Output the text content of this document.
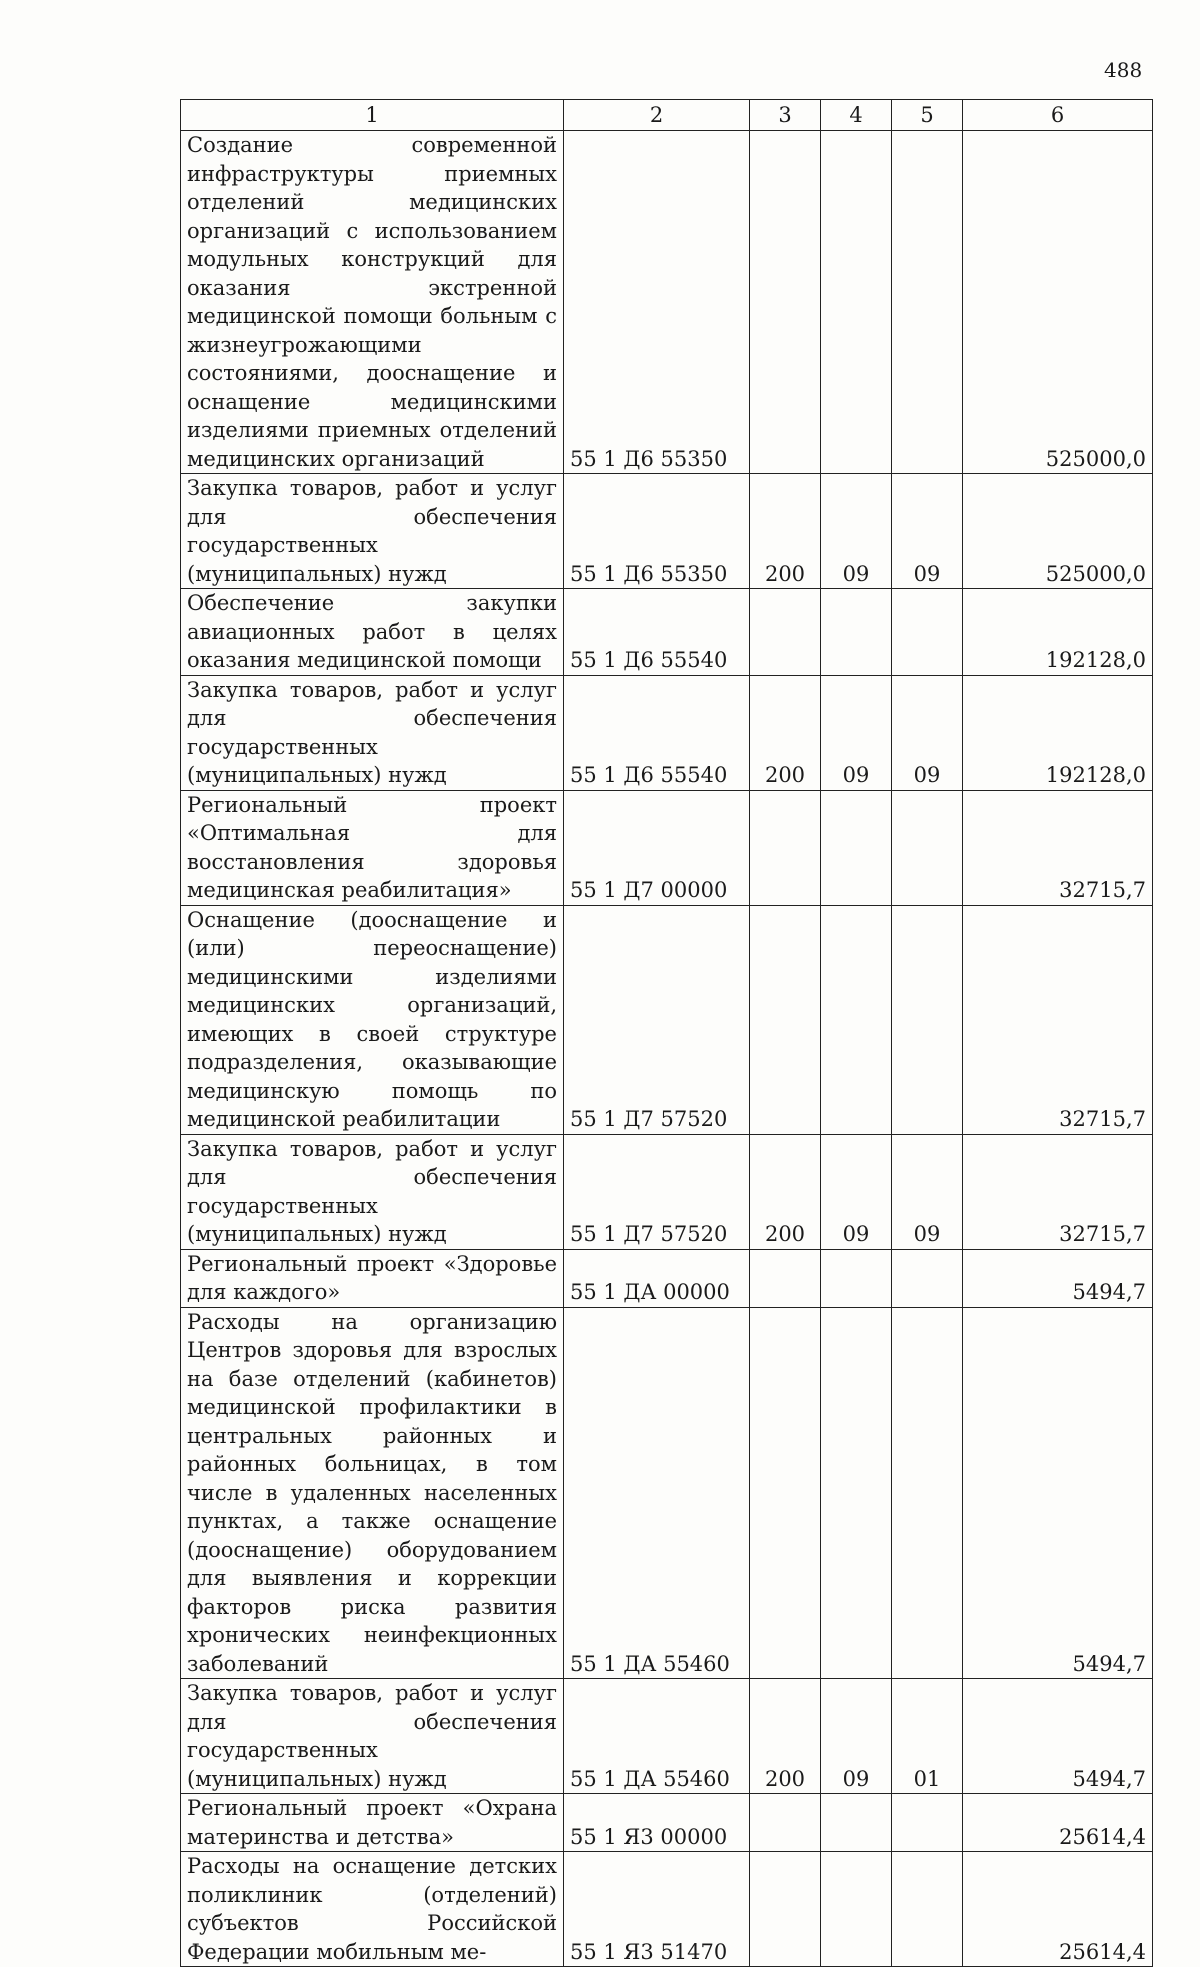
488
1	2	3	4	5	6
Создание современной инфраструктуры приемных отделений медицинских организаций с использованием модульных конструкций для оказания экстренной медицинской помощи больным с жизнеугрожающими состояниями, дооснащение и оснащение медицинскими изделиями приемных отделений медицинских организаций	55 1 Д6 55350				525000,0
Закупка товаров, работ и услуг для обеспечения государственных (муниципальных) нужд	55 1 Д6 55350	200	09	09	525000,0
Обеспечение закупки авиационных работ в целях оказания медицинской помощи	55 1 Д6 55540				192128,0
Закупка товаров, работ и услуг для обеспечения государственных (муниципальных) нужд	55 1 Д6 55540	200	09	09	192128,0
Региональный проект «Оптимальная для восстановления здоровья медицинская реабилитация»	55 1 Д7 00000				32715,7
Оснащение (дооснащение и (или) переоснащение) медицинскими изделиями медицинских организаций, имеющих в своей структуре подразделения, оказывающие медицинскую помощь по медицинской реабилитации	55 1 Д7 57520				32715,7
Закупка товаров, работ и услуг для обеспечения государственных (муниципальных) нужд	55 1 Д7 57520	200	09	09	32715,7
Региональный проект «Здоровье для каждого»	55 1 ДА 00000				5494,7
Расходы на организацию Центров здоровья для взрослых на базе отделений (кабинетов) медицинской профилактики в центральных районных и районных больницах, в том числе в удаленных населенных пунктах, а также оснащение (дооснащение) оборудованием для выявления и коррекции факторов риска развития хронических неинфекционных заболеваний	55 1 ДА 55460				5494,7
Закупка товаров, работ и услуг для обеспечения государственных (муниципальных) нужд	55 1 ДА 55460	200	09	01	5494,7
Региональный проект «Охрана материнства и детства»	55 1 Я3 00000				25614,4
Расходы на оснащение детских поликлиник (отделений) субъектов Российской Федерации мобильным ме-	55 1 Я3 51470				25614,4
